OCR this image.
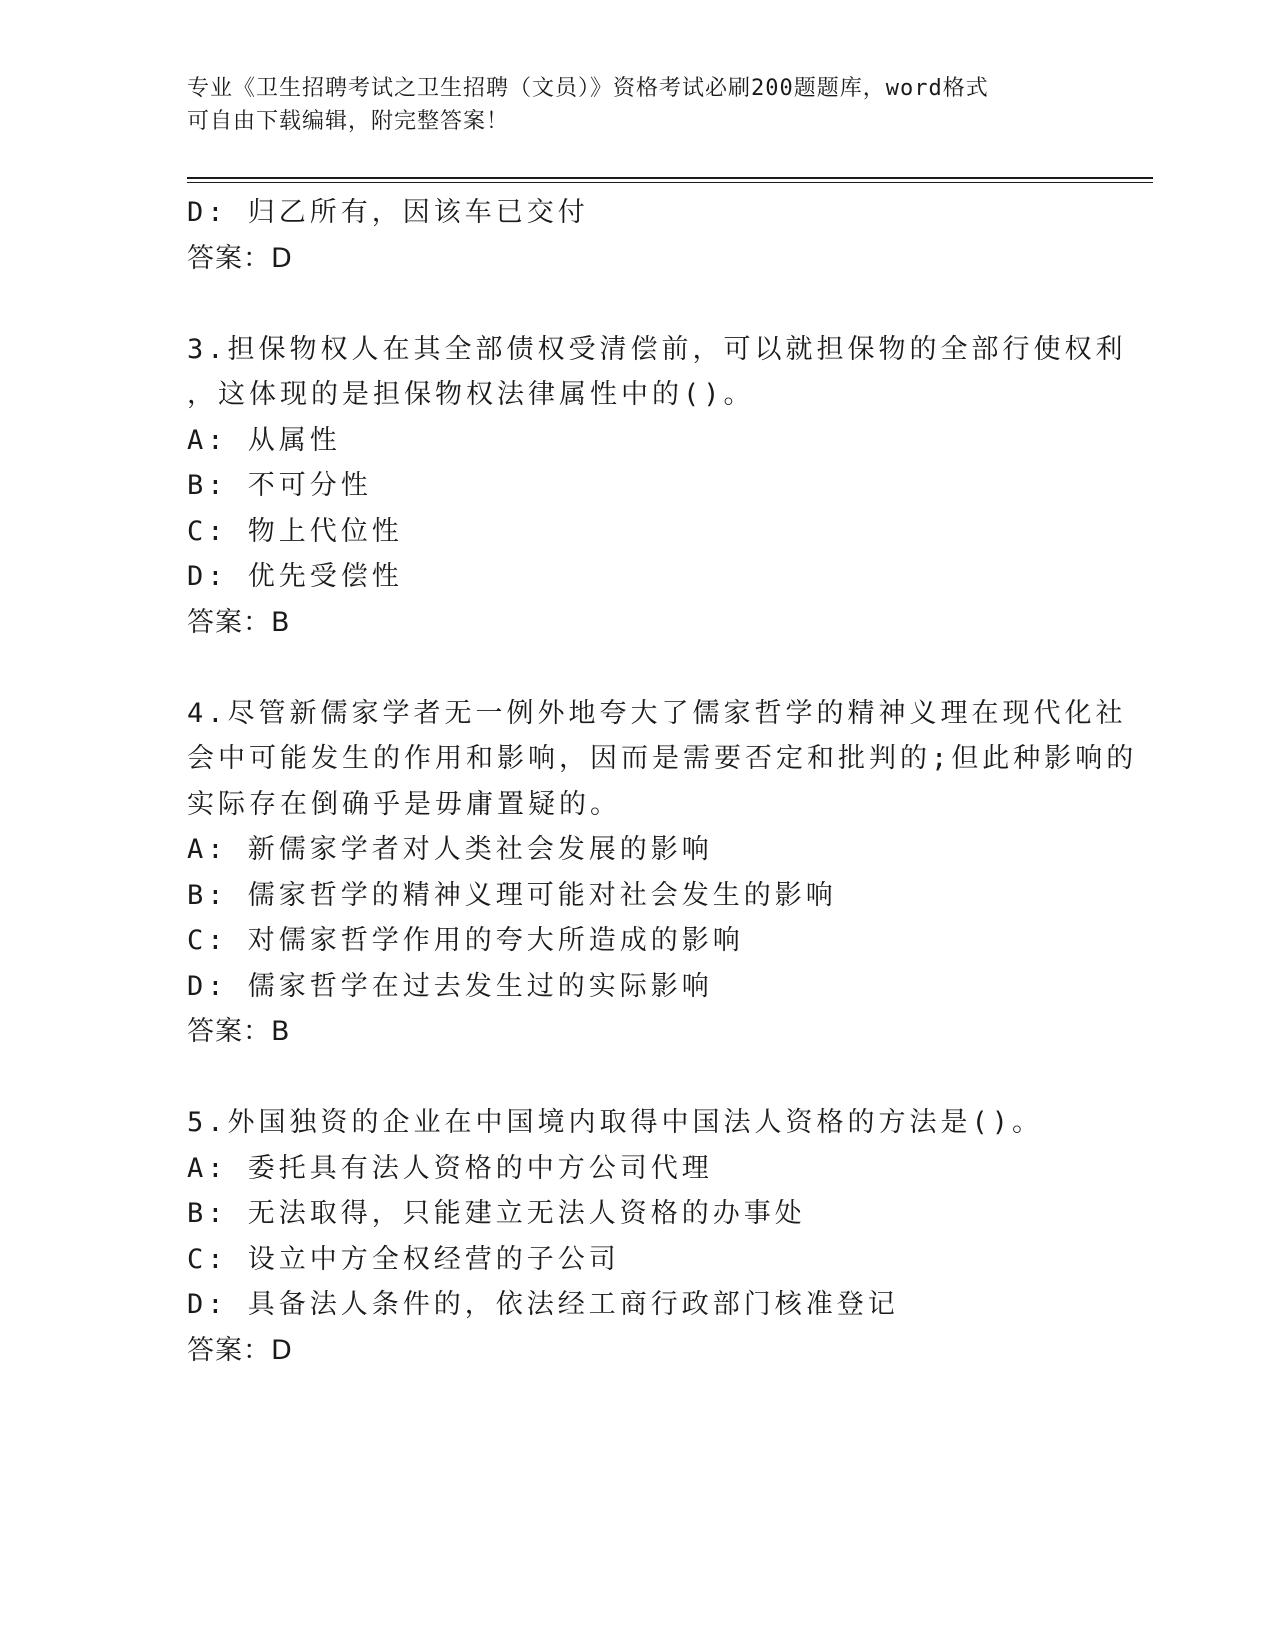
专业《卫生招聘考试之卫生招聘（文员）》资格考试必刷200题题库，word格式
可自由下载编辑，附完整答案！
D: 归乙所有，因该车已交付
答案：D
3.担保物权人在其全部债权受清偿前，可以就担保物的全部行使权利
，这体现的是担保物权法律属性中的()。
A: 从属性
B: 不可分性
C: 物上代位性
D: 优先受偿性
答案：B
4.尽管新儒家学者无一例外地夸大了儒家哲学的精神义理在现代化社
会中可能发生的作用和影响，因而是需要否定和批判的;但此种影响的
实际存在倒确乎是毋庸置疑的。
A: 新儒家学者对人类社会发展的影响
B: 儒家哲学的精神义理可能对社会发生的影响
C: 对儒家哲学作用的夸大所造成的影响
D: 儒家哲学在过去发生过的实际影响
答案：B
5.外国独资的企业在中国境内取得中国法人资格的方法是()。
A: 委托具有法人资格的中方公司代理
B: 无法取得，只能建立无法人资格的办事处
C: 设立中方全权经营的子公司
D: 具备法人条件的，依法经工商行政部门核准登记
答案：D
